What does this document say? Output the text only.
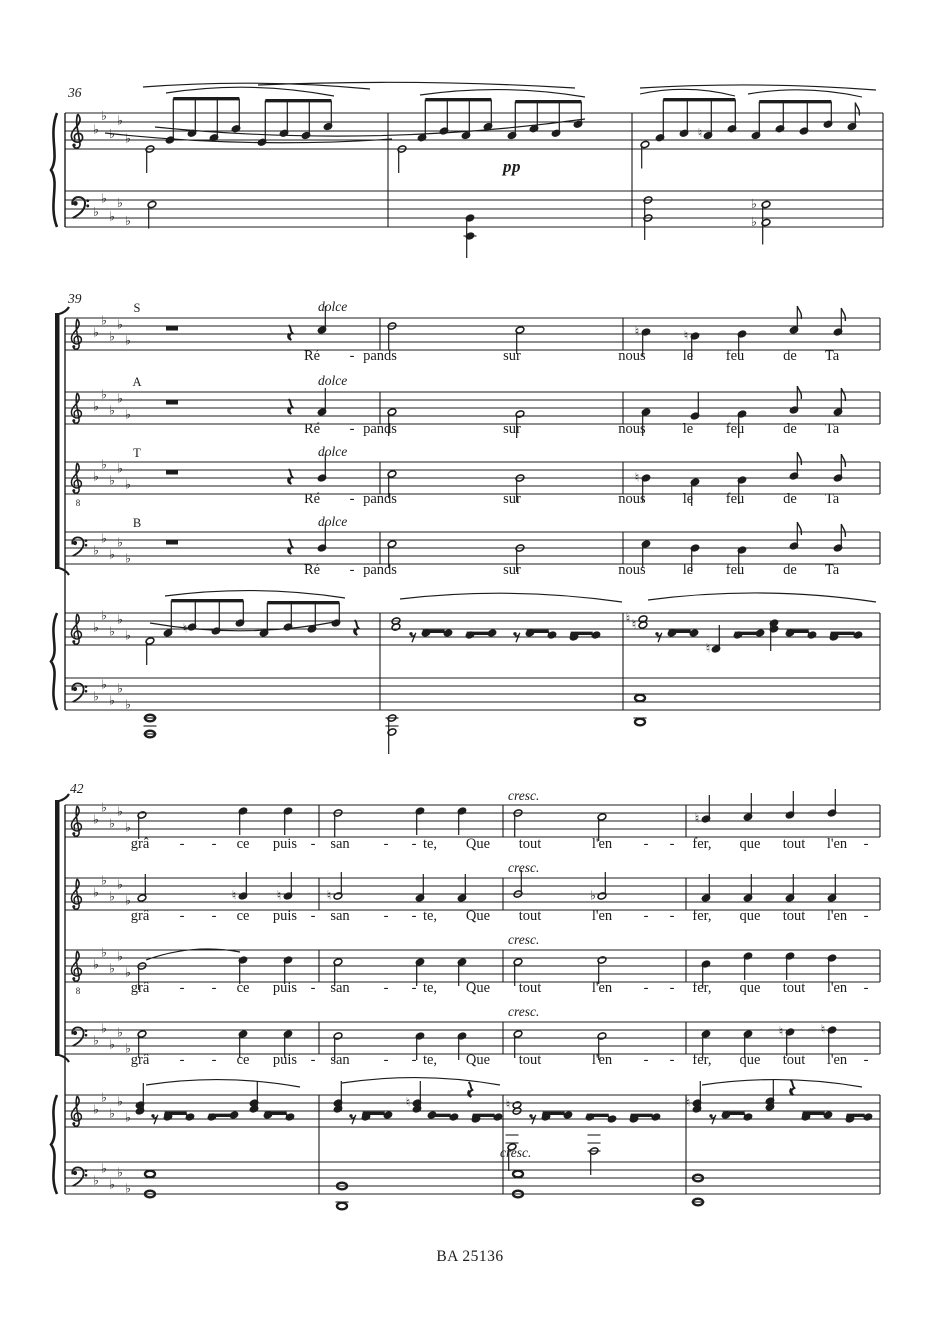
36
♭
♭
♭
♭
♭	♮
♭
♭
♭
♭
♭
♭
♭
pp
39
♭
♭
♭
♭
♭
♮	♮
♭
♭
♭
♭
♭
8
♭
♭
♭
♭
♭	♮
♭
♭
♭
♭
♭
♭
♭
♭
♭
♭	♮
♮ ♮
♮
♭
♭
♭
♭
♭
S	dolce
A	dolce
T	dolce
B	dolce
Ré - pands	sur	nous	le feu	de Ta
Ré - pands	sur	nous	le feu	de Ta
Ré - pands	sur	nous	le feu	de Ta
Ré - pands	sur	nous	le feu	de Ta
42
♭
♭
♭
♭
♭
♮
♭
♭
♭
♭
♭	♮	♮	♮	♭
8
♭
♭
♭
♭
♭
♭
♭
♭
♭
♭
♮	♮
♭
♭
♭
♭
♭
♮	♮	♮
♭
♭
♭
♭
♭
cresc.
cresc.
cresc.
cresc.
cresc.
grâ - - ce puis - san - - te, Que tout	l'en - - fer, que tout l'en -
grâ - - ce puis - san - - te, Que tout	l'en - - fer, que tout l'en -
grâ - - ce puis - san - - te, Que tout	l'en - - fer, que tout l'en -
grâ - - ce puis - san - - te, Que tout	l'en - - fer, que tout l'en -
BA 25136
